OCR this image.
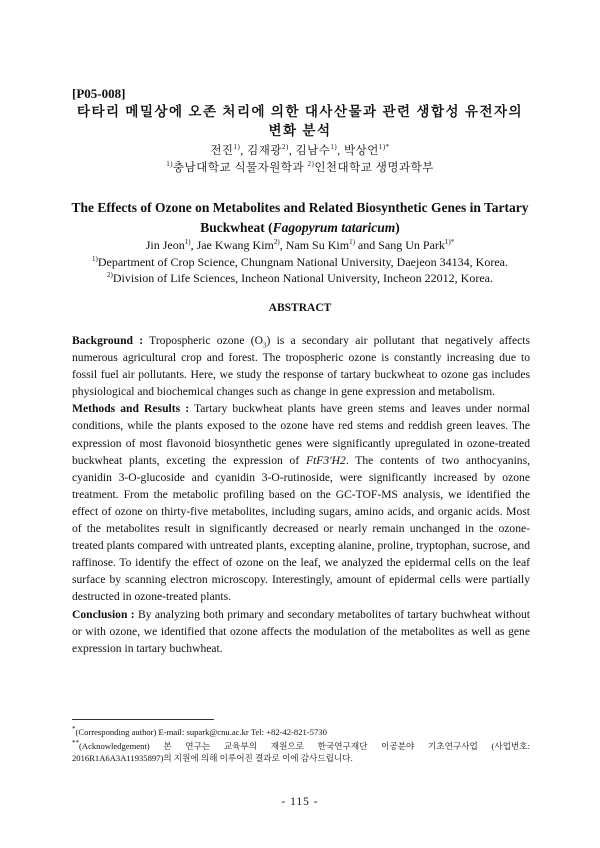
[P05-008]
타타리 메밀상에 오존 처리에 의한 대사산물과 관련 생합성 유전자의
변화 분석
전진$^{1)}$, 김재광$^{2)}$, 김남수$^{1)}$, 박상언$^{1)*}$
$^{1)}$충남대학교 식물자원학과 $^{2)}$인천대학교 생명과학부
The Effects of Ozone on Metabolites and Related Biosynthetic Genes in Tartary
Buckwheat (Fagopyrum tataricum)
Jin Jeon$^{1)}$, Jae Kwang Kim$^{2)}$, Nam Su Kim$^{1)}$ and Sang Un Park$^{1)*}$
$^{1)}$Department of Crop Science, Chungnam National University, Daejeon 34134, Korea.
$^{2)}$Division of Life Sciences, Incheon National University, Incheon 22012, Korea.
ABSTRACT

Background : Tropospheric ozone $(O_3)$ is a secondary air pollutant that negatively affects numerous agricultural crop and forest. The tropospheric ozone is constantly increasing due to fossil fuel air pollutants. Here, we study the response of tartary buckwheat to ozone gas includes physiological and biochemical changes such as change in gene expression and metabolism.

Methods and Results : Tartary buckwheat plants have green stems and leaves under normal conditions, while the plants exposed to the ozone have red stems and reddish green leaves. The expression of most flavonoid biosynthetic genes were significantly upregulated in ozone-treated buckwheat plants, exceting the expression of FtF3′H2. The contents of two anthocyanins, cyanidin 3-O-glucoside and cyanidin 3-O-rutinoside, were significantly increased by ozone treatment. From the metabolic profiling based on the GC-TOF-MS analysis, we identified the effect of ozone on thirty-five metabolites, including sugars, amino acids, and organic acids. Most of the metabolites result in significantly decreased or nearly remain unchanged in the ozone-treated plants compared with untreated plants, excepting alanine, proline, tryptophan, sucrose, and raffinose. To identify the effect of ozone on the leaf, we analyzed the epidermal cells on the leaf surface by scanning electron microscopy. Interestingly, amount of epidermal cells were partially destructed in ozone-treated plants.

Conclusion : By analyzing both primary and secondary metabolites of tartary buchwheat without or with ozone, we identified that ozone affects the modulation of the metabolites as well as gene expression in tartary buchwheat.

*(Corresponding author) E-mail: supark@cnu.ac.kr Tel: +82-42-821-5730
**(Acknowledgement) 본 연구는 교육부의 재원으로 한국연구재단 이공분야 기초연구사업 (사업번호: 2016R1A6A3A11935897)의 지원에 의해 이루어진 결과로 이에 감사드립니다.
- 115 -
